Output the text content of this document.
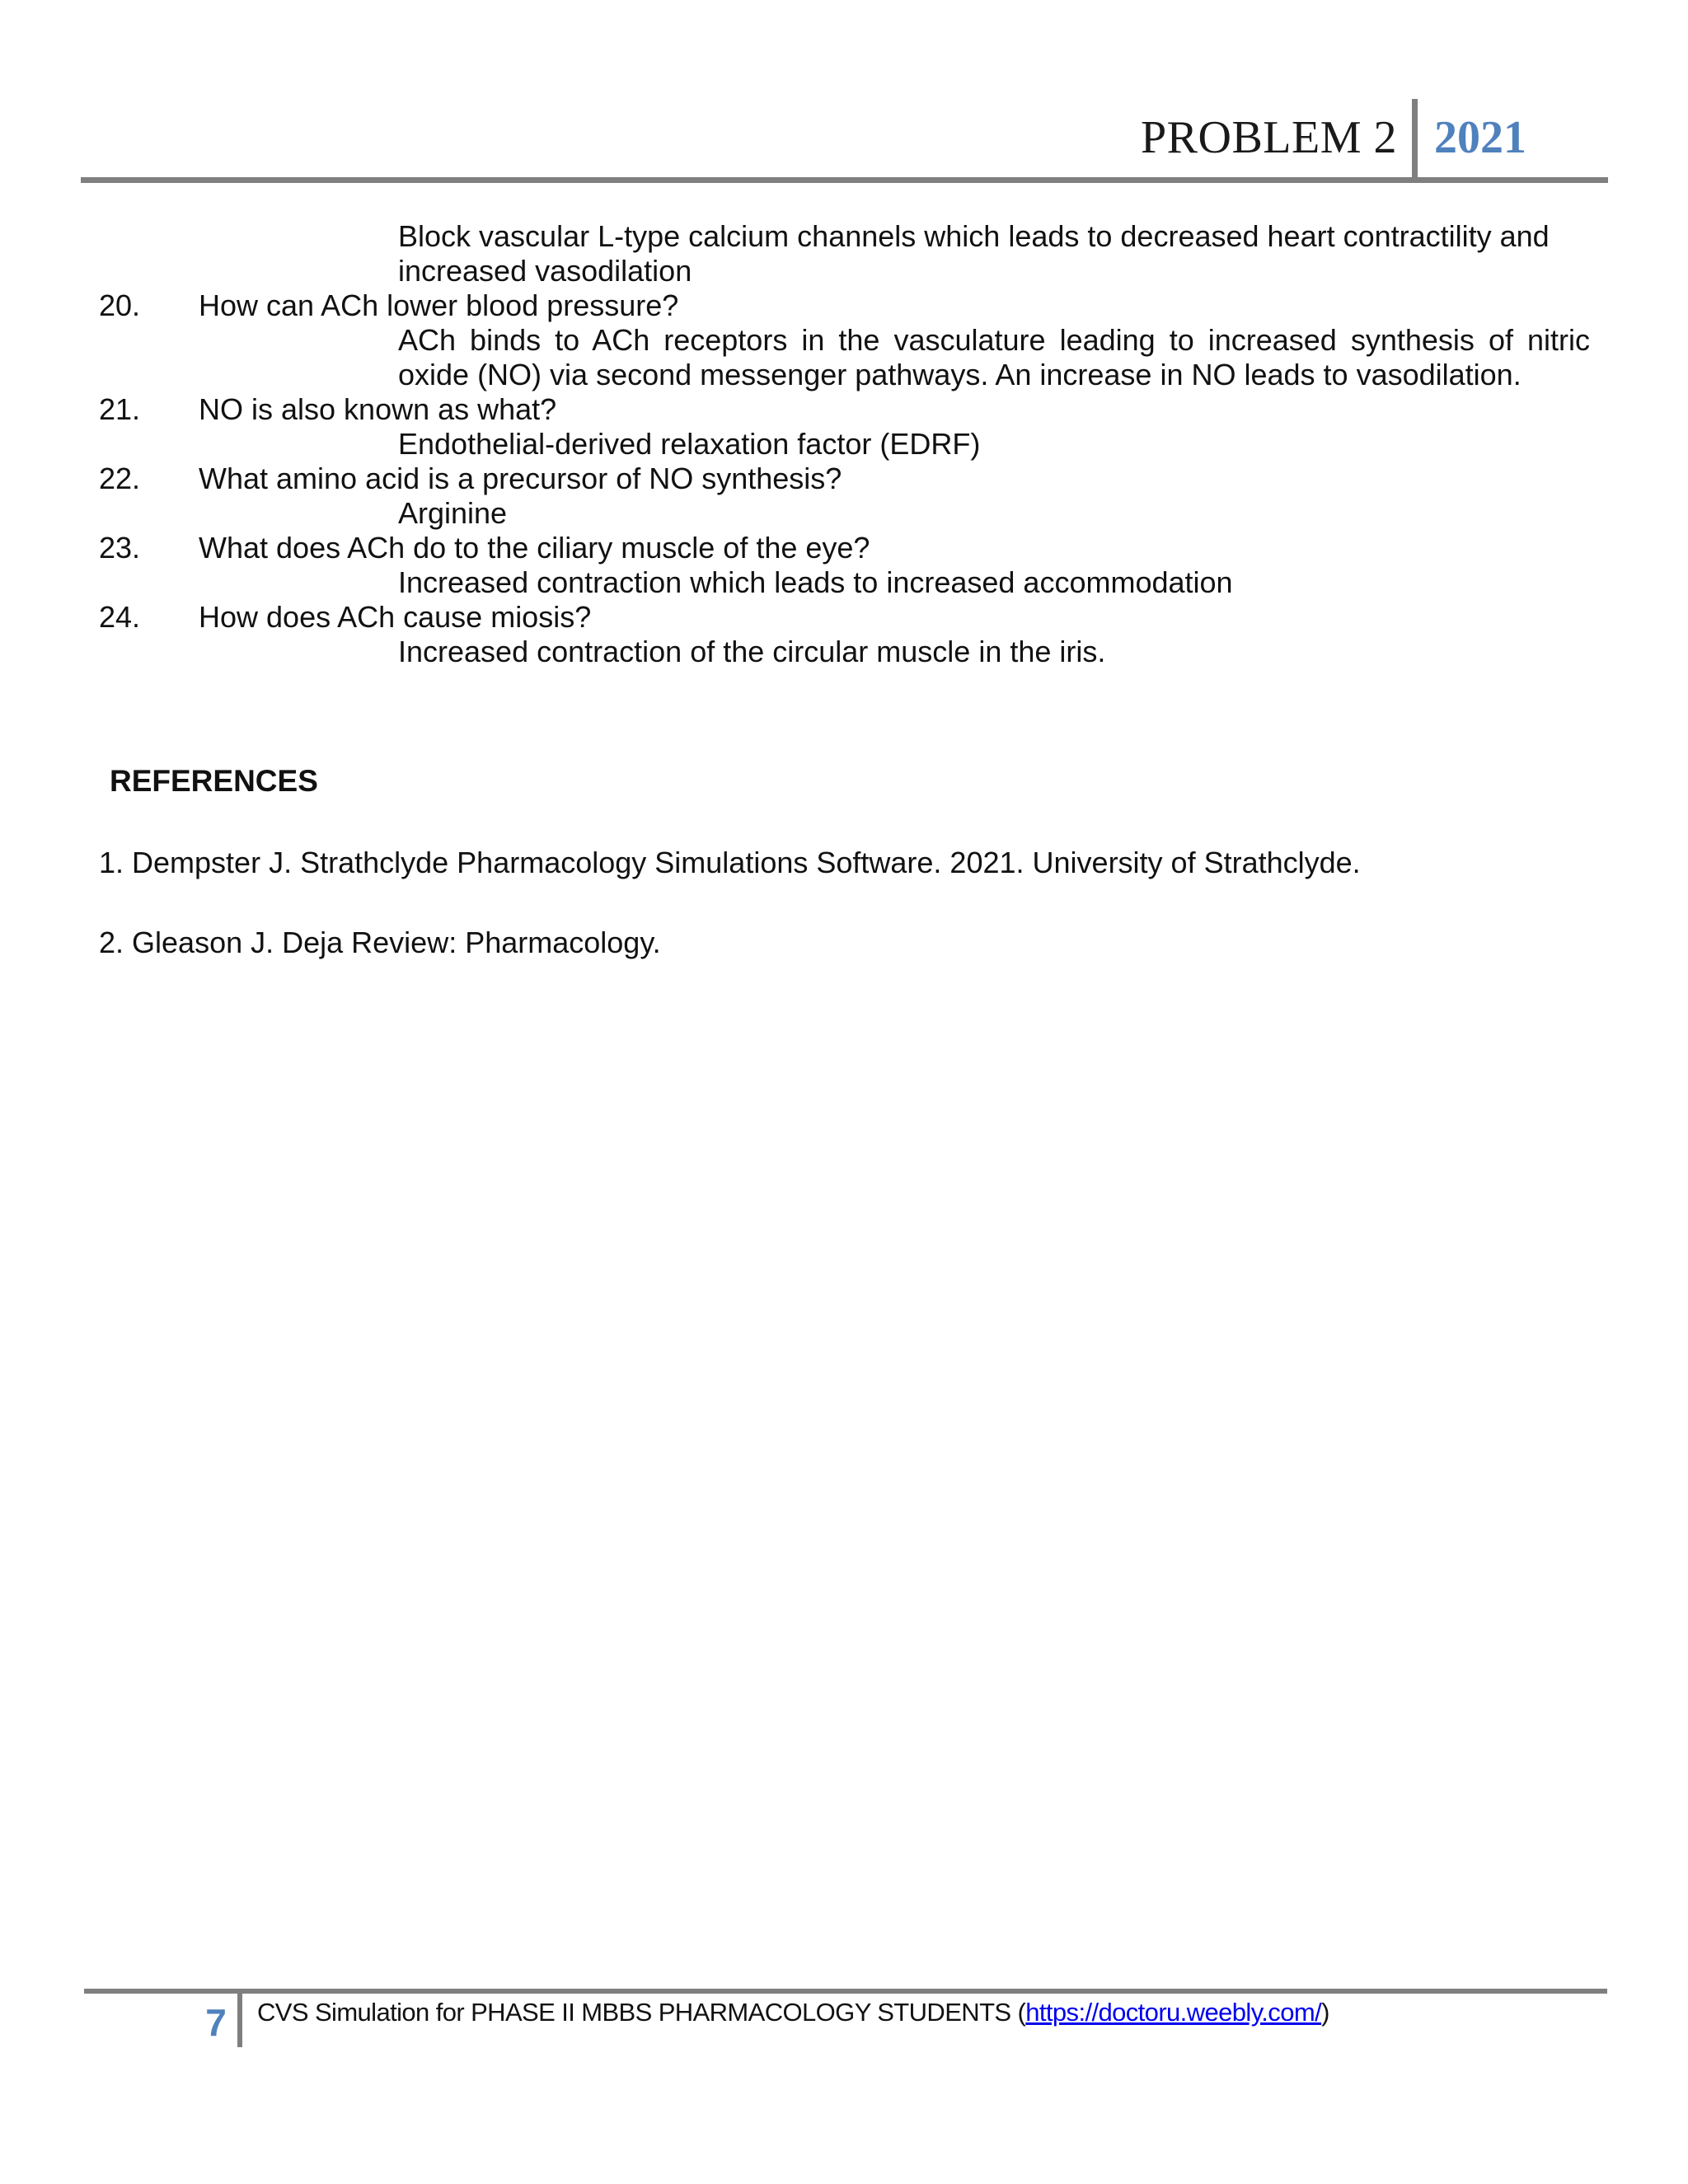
PROBLEM 2 2021
Block vascular L-type calcium channels which leads to decreased heart contractility and
increased vasodilation
20. How can ACh lower blood pressure?
ACh binds to ACh receptors in the vasculature leading to increased synthesis of nitric oxide (NO) via second messenger pathways. An increase in NO leads to vasodilation.
21. NO is also known as what?
Endothelial-derived relaxation factor (EDRF)
22. What amino acid is a precursor of NO synthesis?
Arginine
23. What does ACh do to the ciliary muscle of the eye?
Increased contraction which leads to increased accommodation
24. How does ACh cause miosis?
Increased contraction of the circular muscle in the iris.
REFERENCES
1. Dempster J. Strathclyde Pharmacology Simulations Software. 2021. University of Strathclyde.
2. Gleason J. Deja Review: Pharmacology.
7 CVS Simulation for PHASE II MBBS PHARMACOLOGY STUDENTS (https://doctoru.weebly.com/)
